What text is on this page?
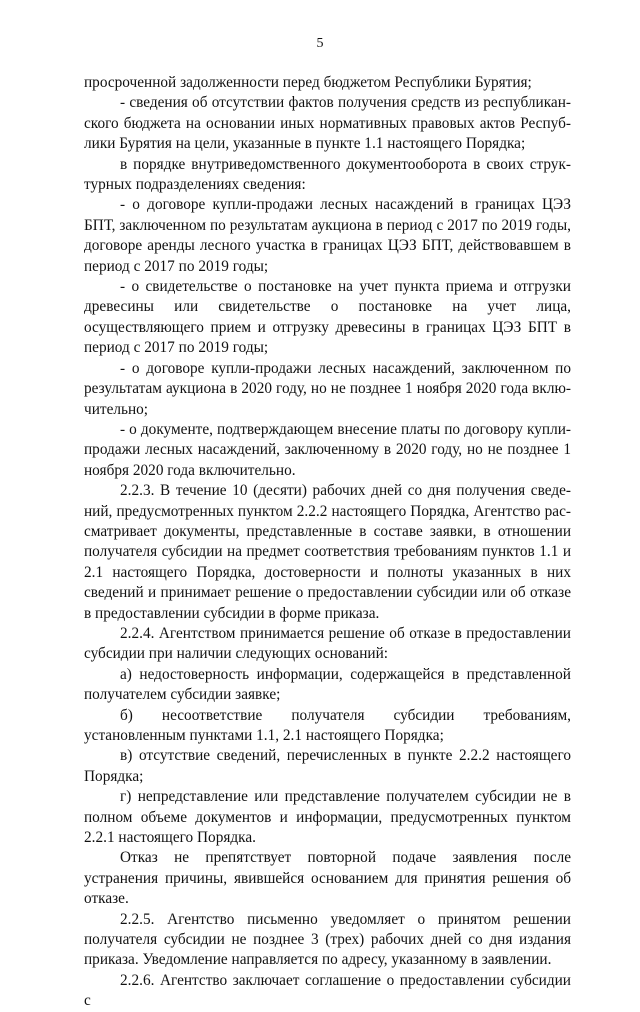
5

просроченной задолженности перед бюджетом Республики Бурятия;

- сведения об отсутствии фактов получения средств из республиканского бюджета на основании иных нормативных правовых актов Республики Бурятия на цели, указанные в пункте 1.1 настоящего Порядка;

в порядке внутриведомственного документооборота в своих структурных подразделениях сведения:

- о договоре купли-продажи лесных насаждений в границах ЦЭЗ БПТ, заключенном по результатам аукциона в период с 2017 по 2019 годы, договоре аренды лесного участка в границах ЦЭЗ БПТ, действовавшем в период с 2017 по 2019 годы;

- о свидетельстве о постановке на учет пункта приема и отгрузки древесины или свидетельстве о постановке на учет лица, осуществляющего прием и отгрузку древесины в границах ЦЭЗ БПТ в период с 2017 по 2019 годы;

- о договоре купли-продажи лесных насаждений, заключенном по результатам аукциона в 2020 году, но не позднее 1 ноября 2020 года включительно;

- о документе, подтверждающем внесение платы по договору купли-продажи лесных насаждений, заключенному в 2020 году, но не позднее 1 ноября 2020 года включительно.

2.2.3. В течение 10 (десяти) рабочих дней со дня получения сведений, предусмотренных пунктом 2.2.2 настоящего Порядка, Агентство рассматривает документы, представленные в составе заявки, в отношении получателя субсидии на предмет соответствия требованиям пунктов 1.1 и 2.1 настоящего Порядка, достоверности и полноты указанных в них сведений и принимает решение о предоставлении субсидии или об отказе в предоставлении субсидии в форме приказа.

2.2.4. Агентством принимается решение об отказе в предоставлении субсидии при наличии следующих оснований:

а) недостоверность информации, содержащейся в представленной получателем субсидии заявке;

б) несоответствие получателя субсидии требованиям, установленным пунктами 1.1, 2.1 настоящего Порядка;

в) отсутствие сведений, перечисленных в пункте 2.2.2 настоящего Порядка;

г) непредставление или представление получателем субсидии не в полном объеме документов и информации, предусмотренных пунктом 2.2.1 настоящего Порядка.

Отказ не препятствует повторной подаче заявления после устранения причины, явившейся основанием для принятия решения об отказе.

2.2.5. Агентство письменно уведомляет о принятом решении получателя субсидии не позднее 3 (трех) рабочих дней со дня издания приказа. Уведомление направляется по адресу, указанному в заявлении.

2.2.6. Агентство заключает соглашение о предоставлении субсидии с
